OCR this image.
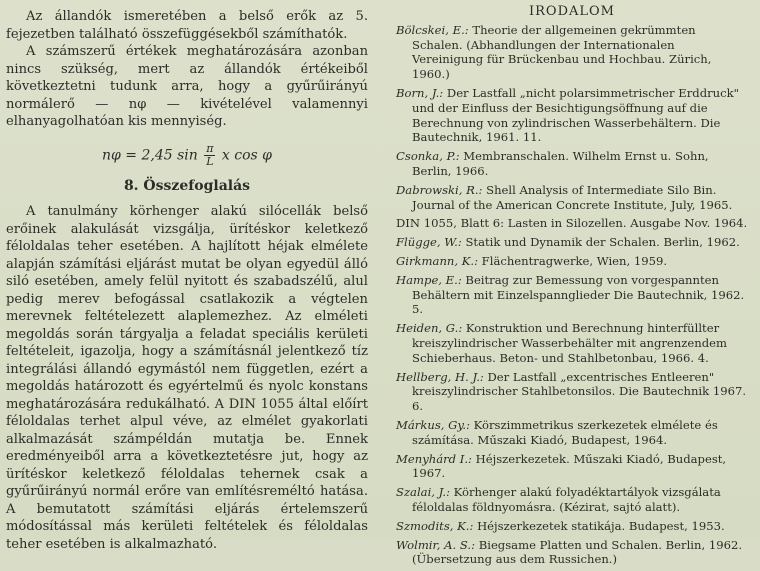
Az állandók ismeretében a belső erők az 5. fejezetben található összefüggésekből számíthatók.

A számszerű értékek meghatározására azonban nincs szükség, mert az állandók értékeiből következtetni tudunk arra, hogy a gyűrűirányú normálerő — nφ — kivételével valamennyi elhanyagolhatóan kis mennyiség.

nφ = 2,45 $\sin \frac{\pi}{L}$ x cos φ
8. Összefoglalás

A tanulmány körhenger alakú silócellák belső erőinek alakulását vizsgálja, ürítéskor keletkező féloldalas teher esetében. A hajlított héjak elmélete alapján számítási eljárást mutat be olyan egyedül álló siló esetében, amely felül nyitott és szabadszélű, alul pedig merev befogással csatlakozik a végtelen merevnek feltételezett alaplemezhez. Az elméleti megoldás során tárgyalja a feladat speciális kerületi feltételeit, igazolja, hogy a számításnál jelentkező tíz integrálási állandó egymástól nem független, ezért a megoldás határozott és egyértelmű és nyolc konstans meghatározására redukálható. A DIN 1055 által előírt féloldalas terhet alpul véve, az elmélet gyakorlati alkalmazását számpéldán mutatja be. Ennek eredményeiből arra a következtetésre jut, hogy az ürítéskor keletkező féloldalas tehernek csak a gyűrűirányú normál erőre van említésreméltó hatása. A bemutatott számítási eljárás értelemszerű módosítással más kerületi feltételek és féloldalas teher esetében is alkalmazható.

IRODALOM

Bölcskei, E.: Theorie der allgemeinen gekrümmten Schalen. (Abhandlungen der Internationalen Vereinigung für Brückenbau und Hochbau. Zürich, 1960.)

Born, J.: Der Lastfall „nicht polarsimmetrischer Erddruck" und der Einfluss der Besichtigungsöffnung auf die Berechnung von zylindrischen Wasserbehältern. Die Bautechnik, 1961. 11.

Csonka, P.: Membranschalen. Wilhelm Ernst u. Sohn, Berlin, 1966.

Dabrowski, R.: Shell Analysis of Intermediate Silo Bin. Journal of the American Concrete Institute, July, 1965.

DIN 1055, Blatt 6: Lasten in Silozellen. Ausgabe Nov. 1964.

Flügge, W.: Statik und Dynamik der Schalen. Berlin, 1962.

Girkmann, K.: Flächentragwerke, Wien, 1959.

Hampe, E.: Beitrag zur Bemessung von vorgespannten Behältern mit Einzelspannglieder Die Bautechnik, 1962. 5.

Heiden, G.: Konstruktion und Berechnung hinterfüllter kreiszylindrischer Wasserbehälter mit angrenzendem Schieberhaus. Beton- und Stahlbetonbau, 1966. 4.

Hellberg, H. J.: Der Lastfall „excentrisches Entleeren" kreiszylindrischer Stahlbetonsilos. Die Bautechnik 1967. 6.

Márkus, Gy.: Körszimmetrikus szerkezetek elmélete és számítása. Műszaki Kiadó, Budapest, 1964.

Menyhárd I.: Héjszerkezetek. Műszaki Kiadó, Budapest, 1967.

Szalai, J.: Körhenger alakú folyadéktartályok vizsgálata féloldalas földnyomásra. (Kézirat, sajtó alatt).

Szmodits, K.: Héjszerkezetek statikája. Budapest, 1953.

Wolmir, A. S.: Biegsame Platten und Schalen. Berlin, 1962. (Übersetzung aus dem Russichen.)
